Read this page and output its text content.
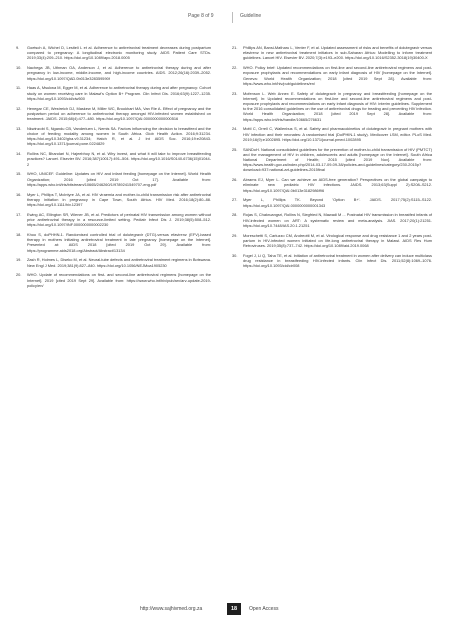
Page 8 of 9	Guideline
9. Goetsch A, Wichel D, Lesiteli L et al. Adherence to antiretroviral treatment decreases during postpartum compared to pregnancy: A longitudinal electronic monitoring study. AIDS Patient Care STDs. 2019;33(4):209–210. https://doi.org/10.1089/apc.2018.0005
10. Nachega JB, Uthman OA, Anderson J, et al. Adherence to antiretroviral therapy during and after pregnancy in low-income, middle-income, and high-income countries. AIDS. 2012;26(16):2039–2052. https://doi.org/10.1097/QAD.0b013e328359590f
11. Haas A, Msukwa M, Egger M, et al. Adherence to antiretroviral therapy during and after pregnancy: Cohort study on women receiving care in Malawi's Option B+ Program. Clin Infect Dis. 2016;63(9):1227–1235. https://doi.org/10.1093/cid/ciw500
12. Henegar CE, Westreich DJ, Maskew M, Miller WC, Brookhart MA, Van Rie A. Effect of pregnancy and the postpartum period on adherence to antiretroviral therapy amongst HIV-infected women established on treatment. JAIDS. 2015;68(4):477–480. https://doi.org/10.1097/QAI.0000000000000516
13. Nkwinzobi S, Ngandu CB, Vanderiuen L, Nemis SA. Factors influencing the decision to breastfeed and the choice of feeding modality among women in South Africa. Glob Health Action. 2016;9:31234. https://doi.org/10.3402/gha.v9.31234; Hatch R, et al. J Int AIDS Soc. 2016;19:e20843. https://doi.org/10.1371/journal.pone.0224829
14. Rollins NC, Bhandari N, Hajeebhoy N, et al. Why invest, and what it will take to improve breastfeeding practices? Lancet. Elsevier BV. 2016;387(10017):491–504. https://doi.org/10.1016/S0140-6736(15)01044-2
15. WHO, UNICEF. Guideline: Updates on HIV and infant feeding [homepage on the Internet]. World Health Organization; 2016 [cited 2019 Oct 17]. Available from: https://apps.who.int/iris/bitstream/10665/246260/1/9789241549707-eng.pdf
16. Myer L, Phillips T, McIntyre JA, et al. HIV viraemia and mother-to-child transmission risk after antiretroviral therapy initiation in pregnancy in Cape Town, South Africa. HIV Med. 2016;18(2):80–88. https://doi.org/10.1111/hiv.12397
17. Ewing AC, Ellington SR, Wiener JB, et al. Predictors of perinatal HIV transmission among women without prior antiretroviral therapy in a resource-limited setting. Pediatr Infect Dis J. 2019;38(5):508–512. https://doi.org/10.1097/INF.0000000000002230
18. Khoo S, doPHHN-1. Randomised controlled trial of dolutegravir (DTG)-versus efavirenz (EFV)-based therapy in mothers initiating antiretroviral treatment in late pregnancy [homepage on the Internet]. Presented at: AIDS 2018 [cited 2019 Oct 29]. Available from: https://programme.aids2018.org/Abstract/Abstract/13134
19. Zash R, Holmes L, Diseko M, et al. Neural-tube defects and antiretroviral treatment regimens in Botswana. New Engl J Med. 2019;381(9):827–840. https://doi.org/10.1056/NEJMoa1905230
20. WHO. Update of recommendations on first- and second-line antiretroviral regimens [homepage on the Internet]. 2019 [cited 2019 Sept 29]. Available from: https://www.who.int/hiv/pub/arv/arv-update-2019-policy/en/
21. Phillips AN, Bansi-Matharu L, Venter F, et al. Updated assessment of risks and benefits of dolutegravir versus efavirenz in new antiretroviral treatment initiators in sub-Saharan Africa: Modelling to inform treatment guidelines. Lancet HIV. Elsevier BV. 2020;7(3):e193–e200. https://doi.org/10.1016/S2352-3018(19)30400-X
22. WHO. Policy brief: Updated recommendations on first-line and second-line antiretroviral regimens and post-exposure prophylaxis and recommendations on early infant diagnosis of HIV [homepage on the Internet]. Geneva: World Health Organization; 2018 [cited 2019 Sept 28]. Available from: https://www.who.int/hiv/pub/guidelines/en/
23. Mofenson L. Web Annex E. Safety of dolutegravir in pregnancy and breastfeeding [homepage on the Internet]. In: Updated recommendations on first-line and second-line antiretroviral regimens and post-exposure prophylaxis and recommendations on early infant diagnosis of HIV: interim guidelines. Supplement to the 2016 consolidated guidelines on the use of antiretroviral drugs for treating and preventing HIV infection. World Health Organization; 2018 [cited 2019 Sept 28]. Available from: https://apps.who.int/iris/handle/10665/276631
24. Mottl C, Orrell C, Wallenbus S, et al. Safety and pharmacokinetics of dolutegravir in pregnant mothers with HIV infection and their neonates: A randomised trial (DolPHIN-1 study). Medicover LSM, editor. PLoS Med. 2019;16(9):e1002895. https://doi.org/10.1371/journal.pmed.1002895
25. SANDoH. National consolidated guidelines for the prevention of mother-to-child transmission of HIV (PMTCT) and the management of HIV in children, adolescents and adults [homepage on the Internet]. South Africa National Department of Health; 2015 [cited 2019 Nov]. Available from: https://www.health.gov.za/index.php/2014-03-17-09-09-38/policies-and-guidelines/category/230-2015p?download=937:national-art-guidelines-2015final
26. Abrams EJ, Myer L. Can we achieve an AIDS-free generation? Perspectives on the global campaign to eliminate new pediatric HIV infections. JAIDS. 2013;63(Suppl 2):S208–S212. https://doi.org/10.1097/QAI.0b013e3182986f96
27. Myer L, Phillips TK. Beyond 'Option B+'. JAIDS. 2017;75(2):S115–S122. https://doi.org/10.1097/QAI.0000000000001343
28. Rojas S, Chakruangsri, Rollins N, Siegfried N, Mawadi M ... Postnatal HIV transmission in breastfed infants of HIV-infected women on ART: A systematic review and meta-analysis. JIAS. 2017;20(1):21251. https://doi.org/10.7448/IAS.20.1.21251
29. Moreschetti S, Carluzzo CM, Andreotti M, et al. Virological response and drug resistance 1 and 2 years post-partum in HIV-infected women initiated on life-long antiretroviral therapy in Malawi. AIDS Res Hum Retroviruses. 2019;35(8):737–742. https://doi.org/10.1089/aid.2019.0068
30. Fogel J, Li Q, Taha TE, et al. Initiation of antiretroviral treatment in women after delivery can induce multiclass drug resistance in breastfeeding HIV-infected infants. Clin Infect Dis. 2011;52(8):1069–1076. https://doi.org/10.1093/cid/cir008
http://www.sajhivmed.org.za	18	Open Access
